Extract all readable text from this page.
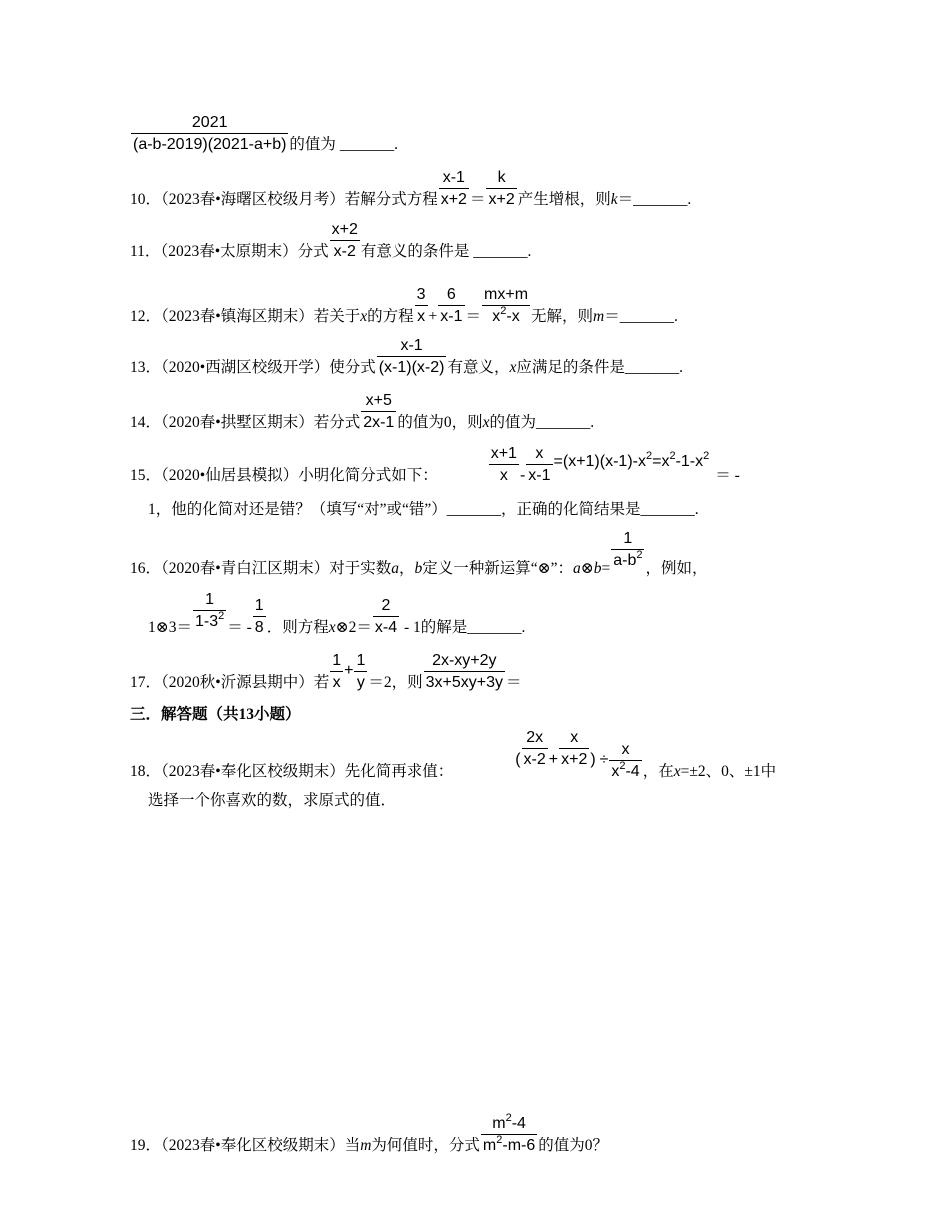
$\frac{2021}{(a-b-2019)(2021-a+b)}$ 的值为 _______.
10．（2023春•海曙区校级月考）若解分式方程 $\frac{x-1}{x+2} = \frac{k}{x+2}$ 产生增根，则k＝_______.
11．（2023春•太原期末）分式 $\frac{x+2}{x-2}$ 有意义的条件是 _______.
12．（2023春•镇海区期末）若关于x的方程 $\frac{3}{x} + \frac{6}{x-1} = \frac{mx+m}{x^2-x}$ 无解，则m＝_______.
13．（2020•西湖区校级开学）使分式 $\frac{x-1}{(x-1)(x-2)}$ 有意义，x应满足的条件是_______.
14．（2020春•拱墅区期末）若分式 $\frac{x+5}{2x-1}$ 的值为0，则x的值为_______.
15．（2020•仙居县模拟）小明化简分式如下：	$\frac{x+1}{x} - \frac{x}{x-1} =(x+1)(x-1)-x^2=x^2-1-x^2=$ -
1，他的化简对还是错？（填写“对”或“错”）_______，正确的化简结果是_______.
16．（2020春•青白江区期末）对于实数a，b定义一种新运算“⊗”：a⊗b= $\frac{1}{a-b^2}$ ，例如，
1⊗3＝ $\frac{1}{1-3^2}$ ＝ - $\frac{1}{8}$ ．则方程x⊗2＝ $\frac{2}{x-4} - 1$的解是_______.
17．（2020秋•沂源县期中）若 $\frac{1}{x} + \frac{1}{y} =2$，则 $\frac{2x-xy+2y}{3x+5xy+3y}$ ＝
三．解答题（共13小题）
18．（2023春•奉化区校级期末）先化简再求值：( $\frac{2x}{x-2} + \frac{x}{x+2}$ ) ÷ $\frac{x}{x^2-4}$ ，在x=±2、0、±1中
选择一个你喜欢的数，求原式的值．
19．（2023春•奉化区校级期末）当m为何值时，分式 $\frac{m^2-4}{m^2-m-6}$ 的值为0？
